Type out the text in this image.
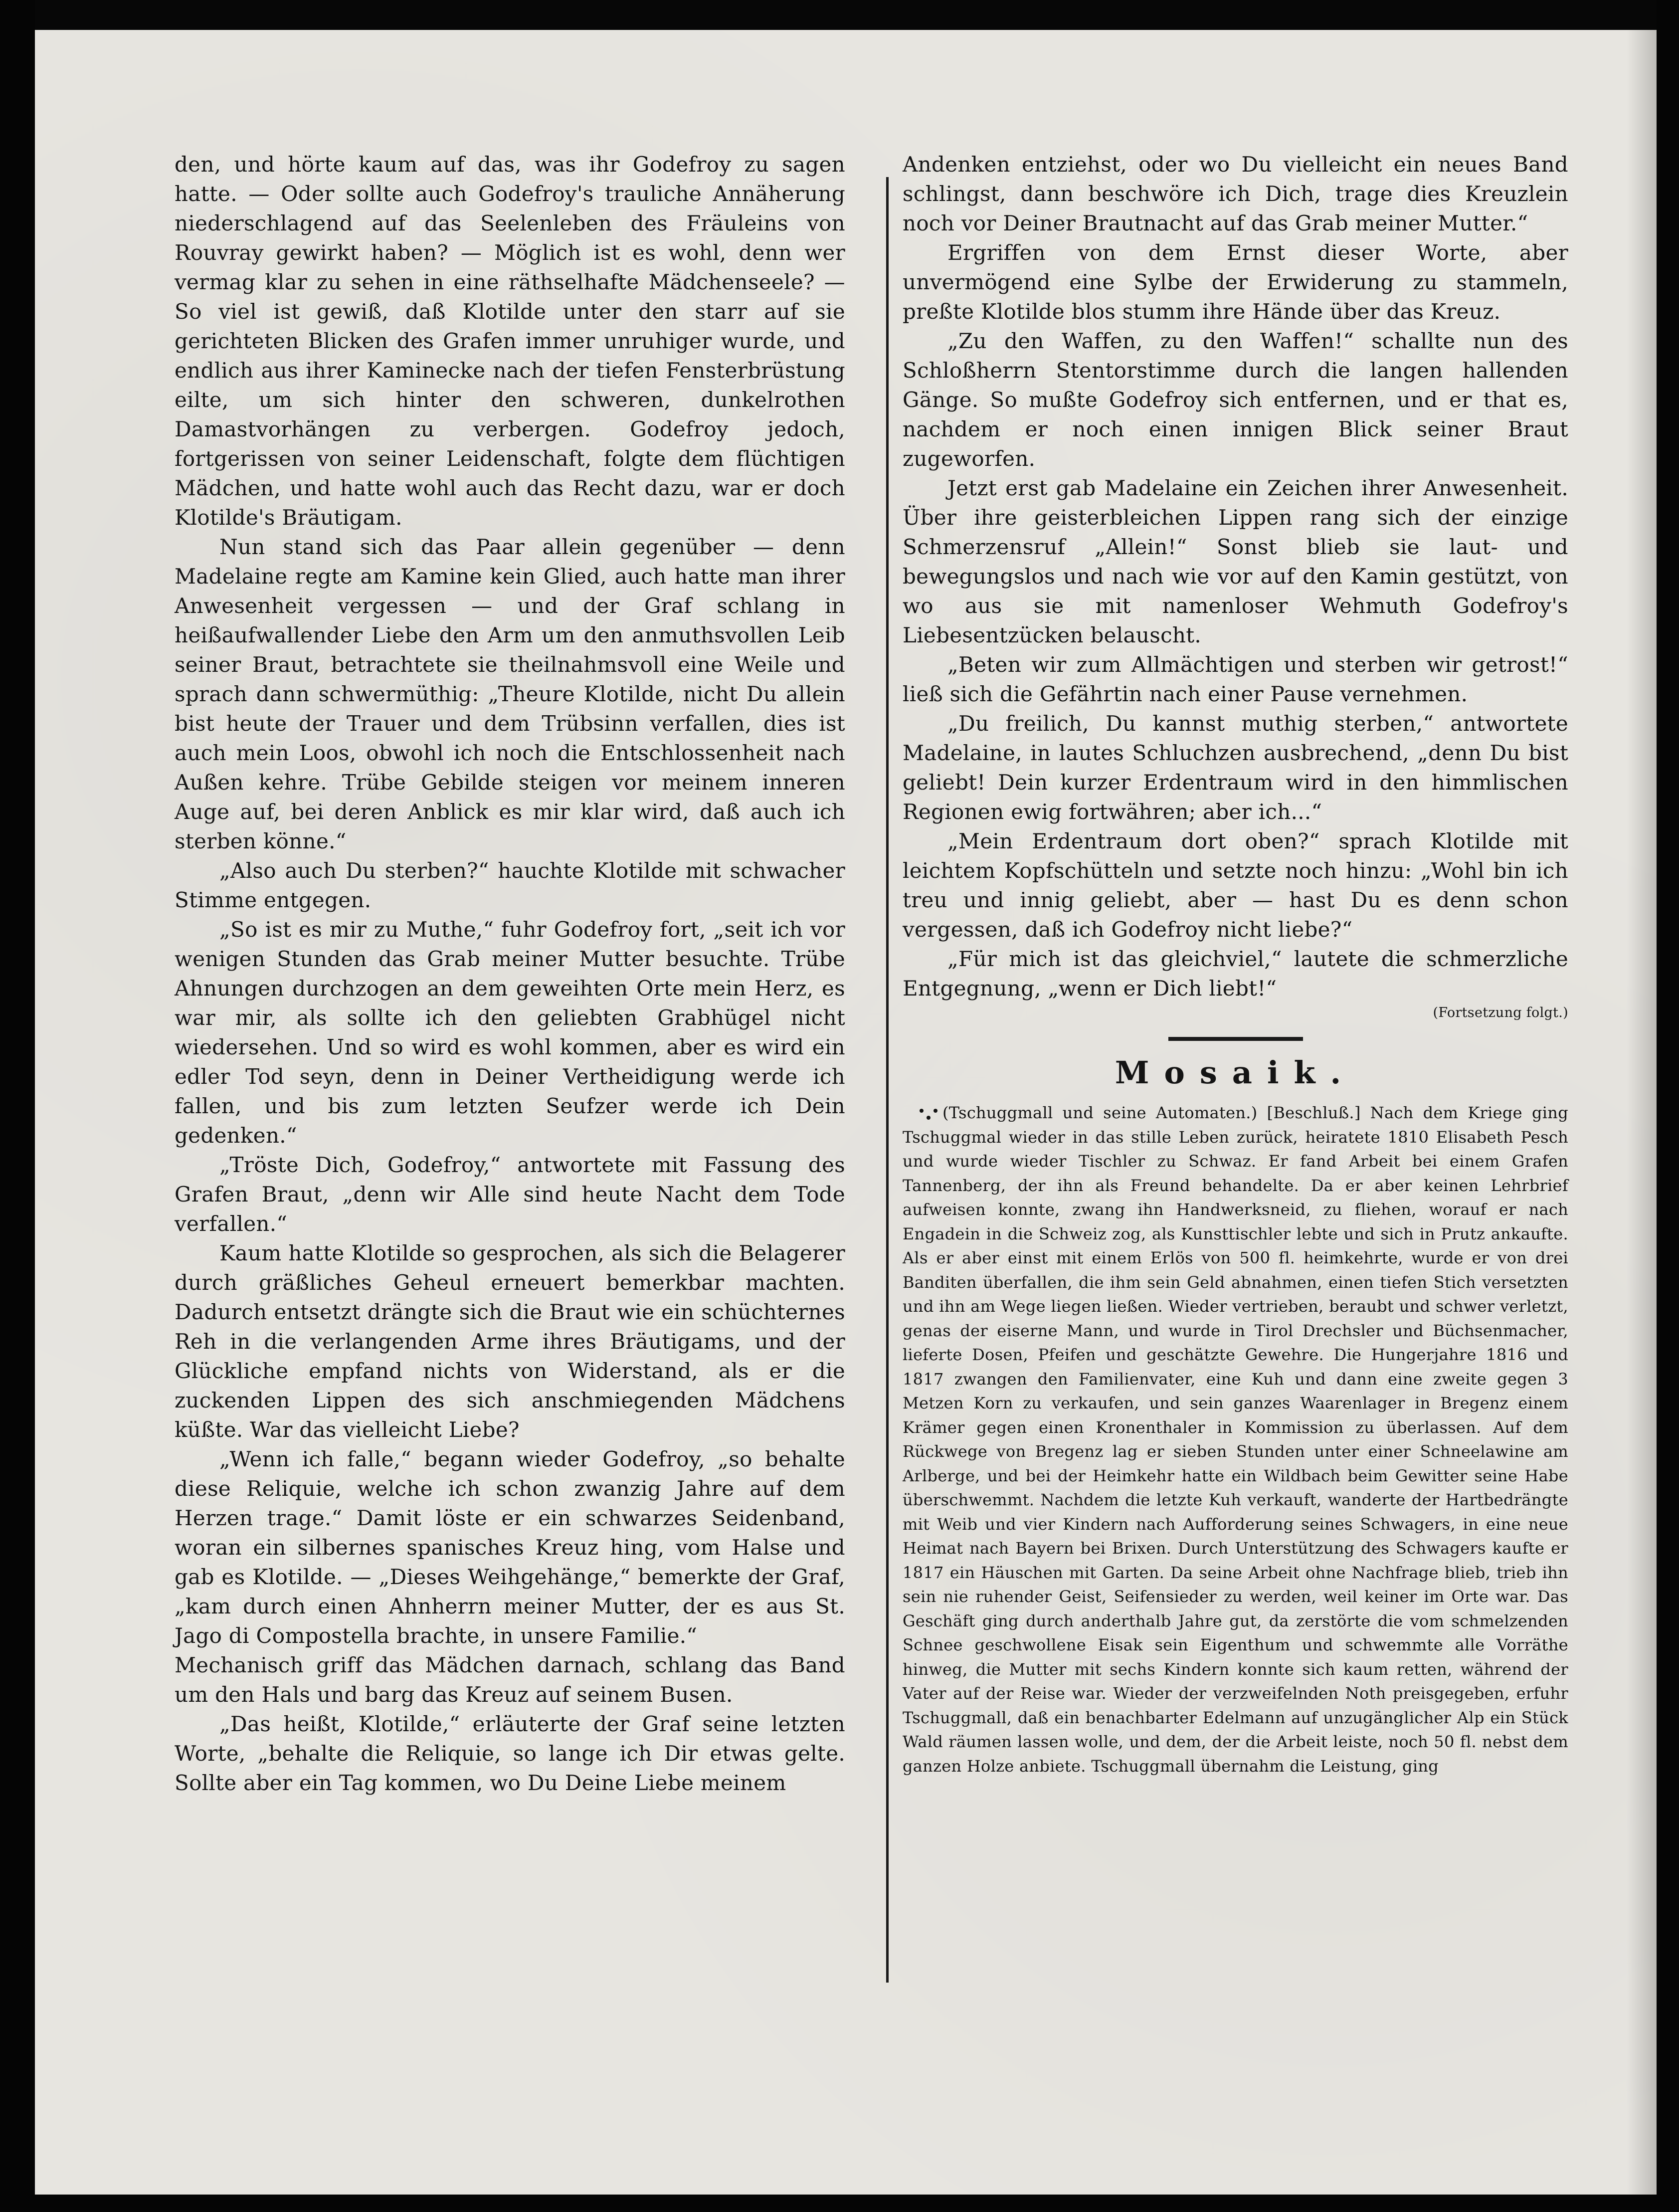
den, und hörte kaum auf das, was ihr Godefroy zu sagen hatte. — Oder sollte auch Godefroy's trauliche Annäherung niederschlagend auf das Seelenleben des Fräuleins von Rouvray gewirkt haben? — Möglich ist es wohl, denn wer vermag klar zu sehen in eine räthselhafte Mädchenseele? — So viel ist gewiß, daß Klotilde unter den starr auf sie gerichteten Blicken des Grafen immer unruhiger wurde, und endlich aus ihrer Kaminecke nach der tiefen Fensterbrüstung eilte, um sich hinter den schweren, dunkelrothen Damastvorhängen zu verbergen. Godefroy jedoch, fortgerissen von seiner Leidenschaft, folgte dem flüchtigen Mädchen, und hatte wohl auch das Recht dazu, war er doch Klotilde's Bräutigam.

Nun stand sich das Paar allein gegenüber — denn Madelaine regte am Kamine kein Glied, auch hatte man ihrer Anwesenheit vergessen — und der Graf schlang in heißaufwallender Liebe den Arm um den anmuthsvollen Leib seiner Braut, betrachtete sie theilnahmsvoll eine Weile und sprach dann schwermüthig: „Theure Klotilde, nicht Du allein bist heute der Trauer und dem Trübsinn verfallen, dies ist auch mein Loos, obwohl ich noch die Entschlossenheit nach Außen kehre. Trübe Gebilde steigen vor meinem inneren Auge auf, bei deren Anblick es mir klar wird, daß auch ich sterben könne.“

„Also auch Du sterben?“ hauchte Klotilde mit schwacher Stimme entgegen.

„So ist es mir zu Muthe,“ fuhr Godefroy fort, „seit ich vor wenigen Stunden das Grab meiner Mutter besuchte. Trübe Ahnungen durchzogen an dem geweihten Orte mein Herz, es war mir, als sollte ich den geliebten Grabhügel nicht wiedersehen. Und so wird es wohl kommen, aber es wird ein edler Tod seyn, denn in Deiner Vertheidigung werde ich fallen, und bis zum letzten Seufzer werde ich Dein gedenken.“

„Tröste Dich, Godefroy,“ antwortete mit Fassung des Grafen Braut, „denn wir Alle sind heute Nacht dem Tode verfallen.“

Kaum hatte Klotilde so gesprochen, als sich die Belagerer durch gräßliches Geheul erneuert bemerkbar machten. Dadurch entsetzt drängte sich die Braut wie ein schüchternes Reh in die verlangenden Arme ihres Bräutigams, und der Glückliche empfand nichts von Widerstand, als er die zuckenden Lippen des sich anschmiegenden Mädchens küßte. War das vielleicht Liebe?

„Wenn ich falle,“ begann wieder Godefroy, „so behalte diese Reliquie, welche ich schon zwanzig Jahre auf dem Herzen trage.“ Damit löste er ein schwarzes Seidenband, woran ein silbernes spanisches Kreuz hing, vom Halse und gab es Klotilde. — „Dieses Weihgehänge,“ bemerkte der Graf, „kam durch einen Ahnherrn meiner Mutter, der es aus St. Jago di Compostella brachte, in unsere Familie.“

Mechanisch griff das Mädchen darnach, schlang das Band um den Hals und barg das Kreuz auf seinem Busen.

„Das heißt, Klotilde,“ erläuterte der Graf seine letzten Worte, „behalte die Reliquie, so lange ich Dir etwas gelte. Sollte aber ein Tag kommen, wo Du Deine Liebe meinem

Andenken entziehst, oder wo Du vielleicht ein neues Band schlingst, dann beschwöre ich Dich, trage dies Kreuzlein noch vor Deiner Brautnacht auf das Grab meiner Mutter.“

Ergriffen von dem Ernst dieser Worte, aber unvermögend eine Sylbe der Erwiderung zu stammeln, preßte Klotilde blos stumm ihre Hände über das Kreuz.

„Zu den Waffen, zu den Waffen!“ schallte nun des Schloßherrn Stentorstimme durch die langen hallenden Gänge. So mußte Godefroy sich entfernen, und er that es, nachdem er noch einen innigen Blick seiner Braut zugeworfen.

Jetzt erst gab Madelaine ein Zeichen ihrer Anwesenheit. Über ihre geisterbleichen Lippen rang sich der einzige Schmerzensruf „Allein!“ Sonst blieb sie laut- und bewegungslos und nach wie vor auf den Kamin gestützt, von wo aus sie mit namenloser Wehmuth Godefroy's Liebesentzücken belauscht.

„Beten wir zum Allmächtigen und sterben wir getrost!“ ließ sich die Gefährtin nach einer Pause vernehmen.

„Du freilich, Du kannst muthig sterben,“ antwortete Madelaine, in lautes Schluchzen ausbrechend, „denn Du bist geliebt! Dein kurzer Erdentraum wird in den himmlischen Regionen ewig fortwähren; aber ich...“

„Mein Erdentraum dort oben?“ sprach Klotilde mit leichtem Kopfschütteln und setzte noch hinzu: „Wohl bin ich treu und innig geliebt, aber — hast Du es denn schon vergessen, daß ich Godefroy nicht liebe?“

„Für mich ist das gleichviel,“ lautete die schmerzliche Entgegnung, „wenn er Dich liebt!“

(Fortsetzung folgt.)

Mosaik.

(Tschuggmall und seine Automaten.) [Beschluß.] Nach dem Kriege ging Tschuggmal wieder in das stille Leben zurück, heiratete 1810 Elisabeth Pesch und wurde wieder Tischler zu Schwaz. Er fand Arbeit bei einem Grafen Tannenberg, der ihn als Freund behandelte. Da er aber keinen Lehrbrief aufweisen konnte, zwang ihn Handwerksneid, zu fliehen, worauf er nach Engadein in die Schweiz zog, als Kunsttischler lebte und sich in Prutz ankaufte. Als er aber einst mit einem Erlös von 500 fl. heimkehrte, wurde er von drei Banditen überfallen, die ihm sein Geld abnahmen, einen tiefen Stich versetzten und ihn am Wege liegen ließen. Wieder vertrieben, beraubt und schwer verletzt, genas der eiserne Mann, und wurde in Tirol Drechsler und Büchsenmacher, lieferte Dosen, Pfeifen und geschätzte Gewehre. Die Hungerjahre 1816 und 1817 zwangen den Familienvater, eine Kuh und dann eine zweite gegen 3 Metzen Korn zu verkaufen, und sein ganzes Waarenlager in Bregenz einem Krämer gegen einen Kronenthaler in Kommission zu überlassen. Auf dem Rückwege von Bregenz lag er sieben Stunden unter einer Schneelawine am Arlberge, und bei der Heimkehr hatte ein Wildbach beim Gewitter seine Habe überschwemmt. Nachdem die letzte Kuh verkauft, wanderte der Hartbedrängte mit Weib und vier Kindern nach Aufforderung seines Schwagers, in eine neue Heimat nach Bayern bei Brixen. Durch Unterstützung des Schwagers kaufte er 1817 ein Häuschen mit Garten. Da seine Arbeit ohne Nachfrage blieb, trieb ihn sein nie ruhender Geist, Seifensieder zu werden, weil keiner im Orte war. Das Geschäft ging durch anderthalb Jahre gut, da zerstörte die vom schmelzenden Schnee geschwollene Eisak sein Eigenthum und schwemmte alle Vorräthe hinweg, die Mutter mit sechs Kindern konnte sich kaum retten, während der Vater auf der Reise war. Wieder der verzweifelnden Noth preisgegeben, erfuhr Tschuggmall, daß ein benachbarter Edelmann auf unzugänglicher Alp ein Stück Wald räumen lassen wolle, und dem, der die Arbeit leiste, noch 50 fl. nebst dem ganzen Holze anbiete. Tschuggmall übernahm die Leistung, ging
